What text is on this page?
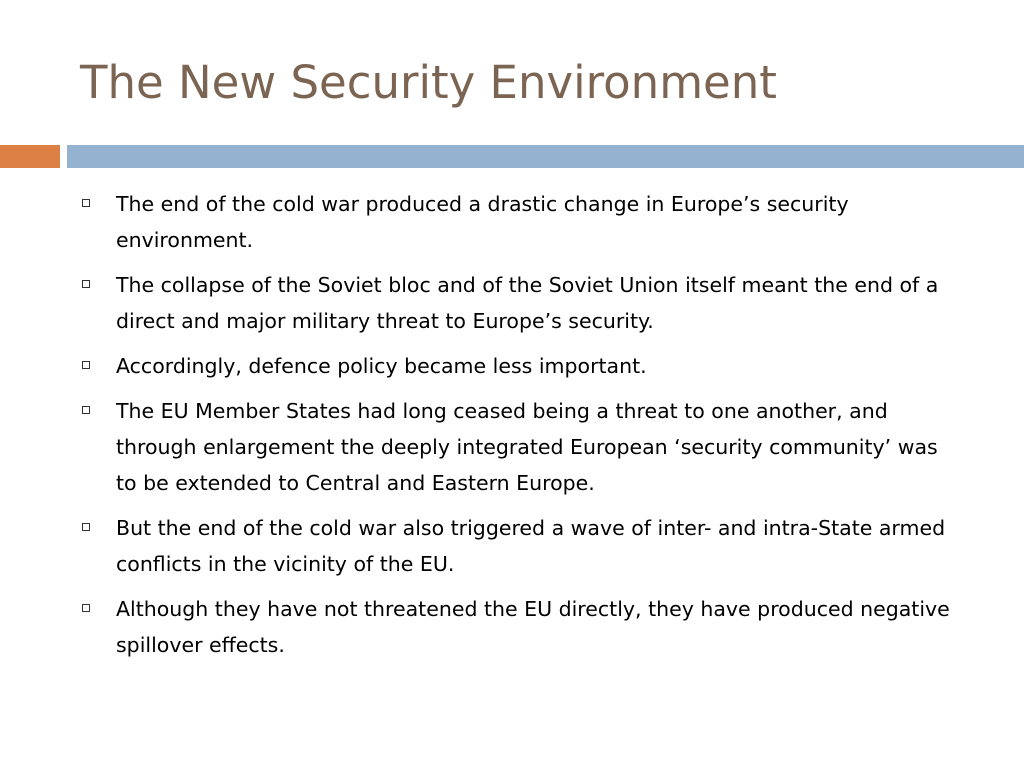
The New Security Environment
The end of the cold war produced a drastic change in Europe’s security environment.
The collapse of the Soviet bloc and of the Soviet Union itself meant the end of a direct and major military threat to Europe’s security.
Accordingly, defence policy became less important.
The EU Member States had long ceased being a threat to one another, and through enlargement the deeply integrated European ‘security community’ was to be extended to Central and Eastern Europe.
But the end of the cold war also triggered a wave of inter- and intra-State armed conflicts in the vicinity of the EU.
Although they have not threatened the EU directly, they have produced negative spillover effects.
